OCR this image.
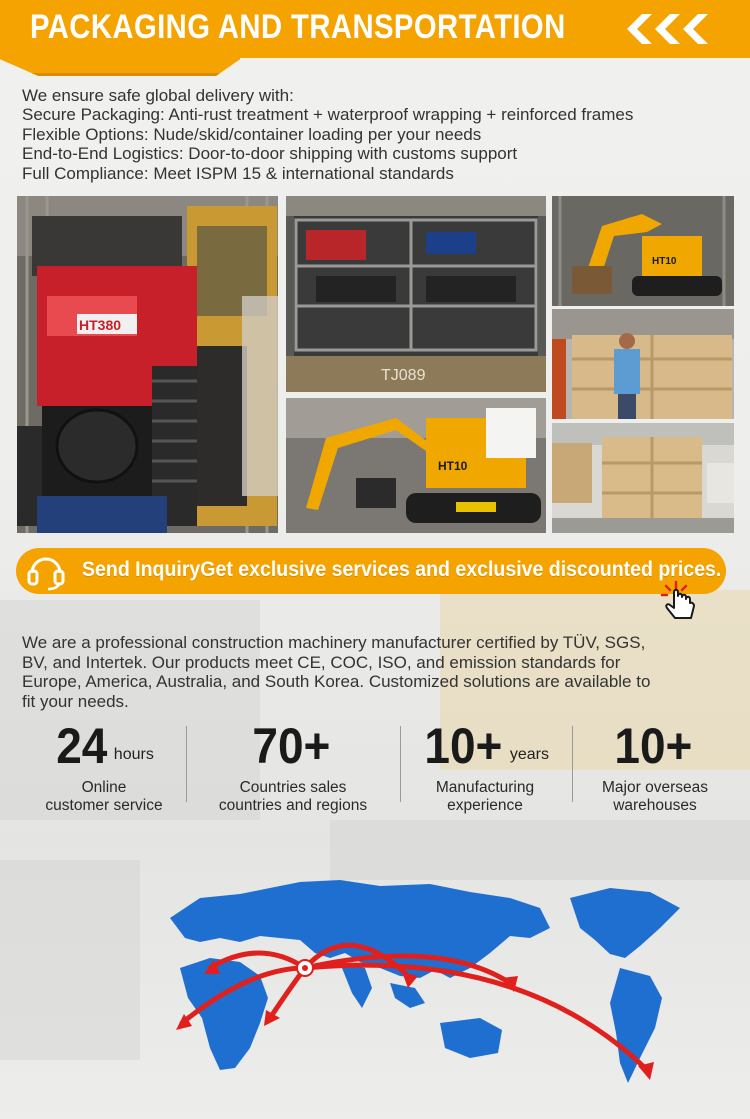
PACKAGING AND TRANSPORTATION
We ensure safe global delivery with:
Secure Packaging: Anti-rust treatment + waterproof wrapping + reinforced frames
Flexible Options: Nude/skid/container loading per your needs
End-to-End Logistics: Door-to-door shipping with customs support
Full Compliance: Meet ISPM 15 & international standards
HT380
TJ089
HT10
HT10
Send InquiryGet exclusive services and exclusive discounted prices.
We are a professional construction machinery manufacturer certified by TÜV, SGS,
BV, and Intertek. Our products meet CE, COC, ISO, and emission standards for
Europe, America, Australia, and South Korea. Customized solutions are available to
fit your needs.
24 hours
Online
customer service
70+
Countries sales
countries and regions
10+ years
Manufacturing
experience
10+
Major overseas
warehouses
